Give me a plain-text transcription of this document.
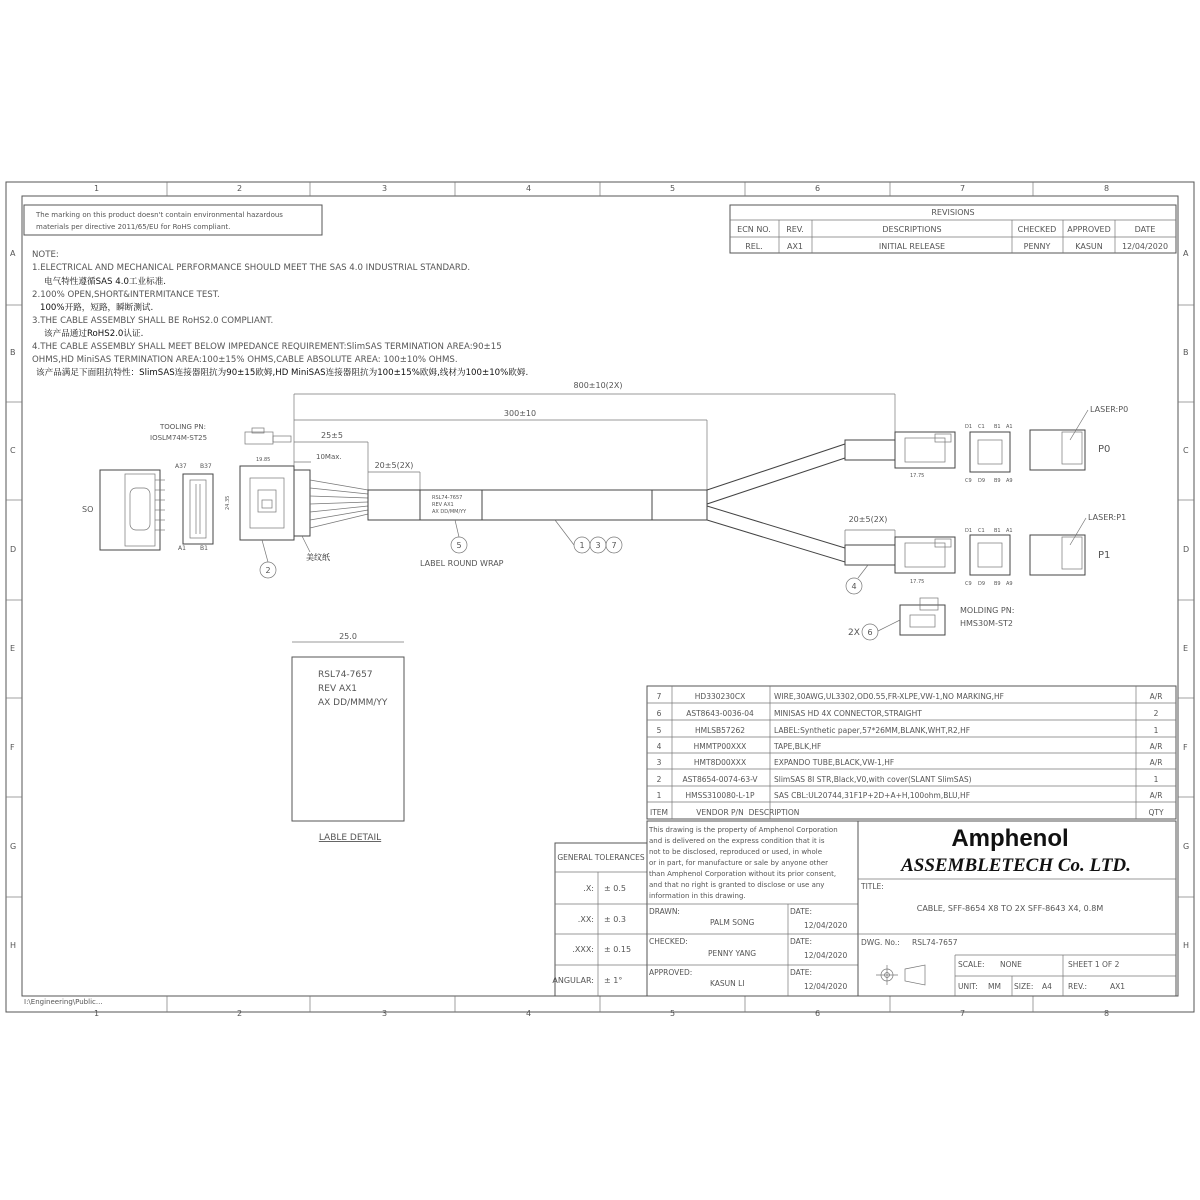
1	2	3	4	5	6	7	8
1	2	3	4	5	6	7	8
A
B
C
D
E
F
G
H
A
B
C
D
E
F
G
H
I:\Engineering\Public...
The marking on this product doesn't contain environmental hazardous
materials per directive 2011/65/EU for RoHS compliant.
REVISIONS
ECN NO. REV.	DESCRIPTIONS	CHECKED APPROVED	DATE
REL.	AX1	INITIAL RELEASE	PENNY	KASUN 12/04/2020
NOTE:
1.ELECTRICAL AND MECHANICAL PERFORMANCE SHOULD MEET THE SAS 4.0 INDUSTRIAL STANDARD.
电气特性遵循SAS 4.0工业标准.
2.100% OPEN,SHORT&INTERMITANCE TEST.
100%开路，短路，瞬断测试.
3.THE CABLE ASSEMBLY SHALL BE RoHS2.0 COMPLIANT.
该产品通过RoHS2.0认证.
4.THE CABLE ASSEMBLY SHALL MEET BELOW IMPEDANCE REQUIREMENT:SlimSAS TERMINATION AREA:90±15
OHMS,HD MiniSAS TERMINATION AREA:100±15% OHMS,CABLE ABSOLUTE AREA: 100±10% OHMS.
该产品满足下面阻抗特性：SlimSAS连接器阻抗为90±15欧姆,HD MiniSAS连接器阻抗为100±15%欧姆,线材为100±10%欧姆.
800±10(2X)
300±10
25±5
10Max.
20±5(2X)
TOOLING PN:
IOSLM74M-ST25
SO
A37 B37
A1 B1
19.85
24.35	RSL74-7657
REV AX1
AX DD/MM/YY
20±5(2X)
17.75
17.75
D1 C1 B1 A1
C9 D9 B9 A9
D1 C1 B1 A1
C9 D9 B9 A9
LASER:P0
P0
LASER:P1
P1
MOLDING PN:
HMS30M-ST2
2X
2
美纹纸
5
LABEL ROUND WRAP
1 3 7
4
6
25.0
RSL74-7657
REV AX1
AX DD/MMM/YY
LABLE DETAIL
7	HD330230CX	WIRE,30AWG,UL3302,OD0.55,FR-XLPE,VW-1,NO MARKING,HF	A/R
6	AST8643-0036-04	MINISAS HD 4X CONNECTOR,STRAIGHT	2
5	HMLSB57262	LABEL:Synthetic paper,57*26MM,BLANK,WHT,R2,HF	1
4	HMMTP00XXX	TAPE,BLK,HF	A/R
3	HMT8D00XXX	EXPANDO TUBE,BLACK,VW-1,HF	A/R
2	AST8654-0074-63-V SlimSAS 8I STR,Black,V0,with cover(SLANT SlimSAS)	1
1	HMSS310080-L-1P	SAS CBL:UL20744,31F1P+2D+A+H,100ohm,BLU,HF	A/R
ITEM	VENDOR P/N DESCRIPTION	QTY
GENERAL TOLERANCES
.X: ± 0.5
.XX: ± 0.3
.XXX: ± 0.15
ANGULAR: ± 1°
This drawing is the property of Amphenol Corporation
and is delivered on the express condition that it is
not to be disclosed, reproduced or used, in whole
or in part, for manufacture or sale by anyone other
than Amphenol Corporation without its prior consent,
and that no right is granted to disclose or use any
information in this drawing.
DRAWN:
PALM SONG
DATE:
12/04/2020
CHECKED:
PENNY YANG
DATE:
12/04/2020
APPROVED:
KASUN LI
DATE:
12/04/2020
Amphenol
ASSEMBLETECH Co. LTD.
TITLE:
CABLE, SFF-8654 X8 TO 2X SFF-8643 X4, 0.8M
DWG. No.: RSL74-7657
SCALE: NONE	SHEET 1 OF 2
UNIT: MM SIZE: A4 REV.:	AX1
